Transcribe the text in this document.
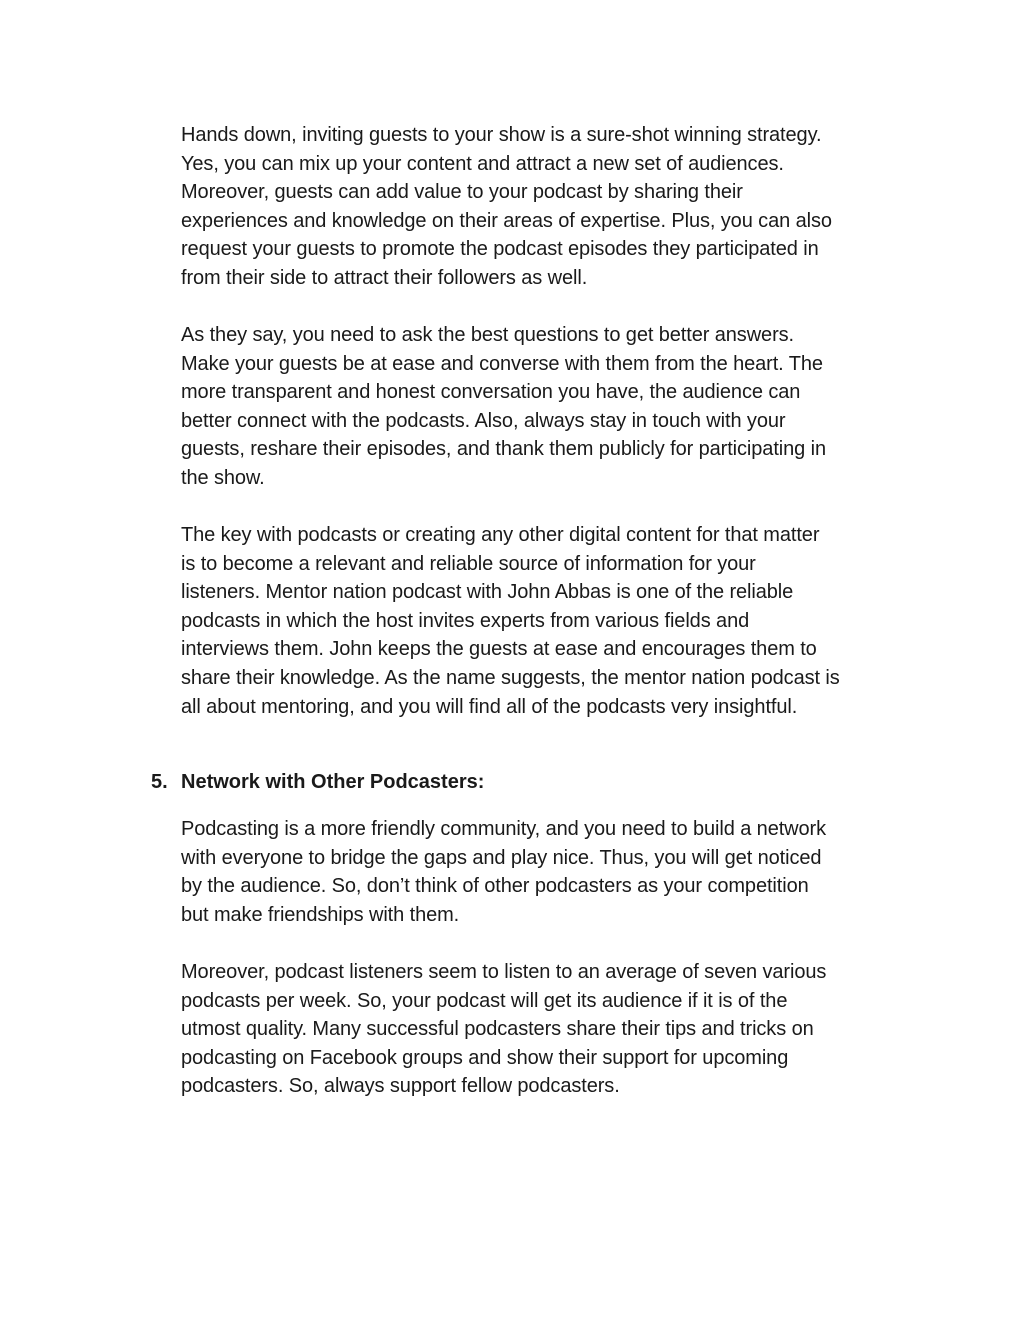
Hands down, inviting guests to your show is a sure-shot winning strategy.
Yes, you can mix up your content and attract a new set of audiences.
Moreover, guests can add value to your podcast by sharing their
experiences and knowledge on their areas of expertise. Plus, you can also
request your guests to promote the podcast episodes they participated in
from their side to attract their followers as well.
As they say, you need to ask the best questions to get better answers.
Make your guests be at ease and converse with them from the heart. The
more transparent and honest conversation you have, the audience can
better connect with the podcasts. Also, always stay in touch with your
guests, reshare their episodes, and thank them publicly for participating in
the show.
The key with podcasts or creating any other digital content for that matter
is to become a relevant and reliable source of information for your
listeners. Mentor nation podcast with John Abbas is one of the reliable
podcasts in which the host invites experts from various fields and
interviews them. John keeps the guests at ease and encourages them to
share their knowledge. As the name suggests, the mentor nation podcast is
all about mentoring, and you will find all of the podcasts very insightful.
5. Network with Other Podcasters:
Podcasting is a more friendly community, and you need to build a network
with everyone to bridge the gaps and play nice. Thus, you will get noticed
by the audience. So, don’t think of other podcasters as your competition
but make friendships with them.
Moreover, podcast listeners seem to listen to an average of seven various
podcasts per week. So, your podcast will get its audience if it is of the
utmost quality. Many successful podcasters share their tips and tricks on
podcasting on Facebook groups and show their support for upcoming
podcasters. So, always support fellow podcasters.
